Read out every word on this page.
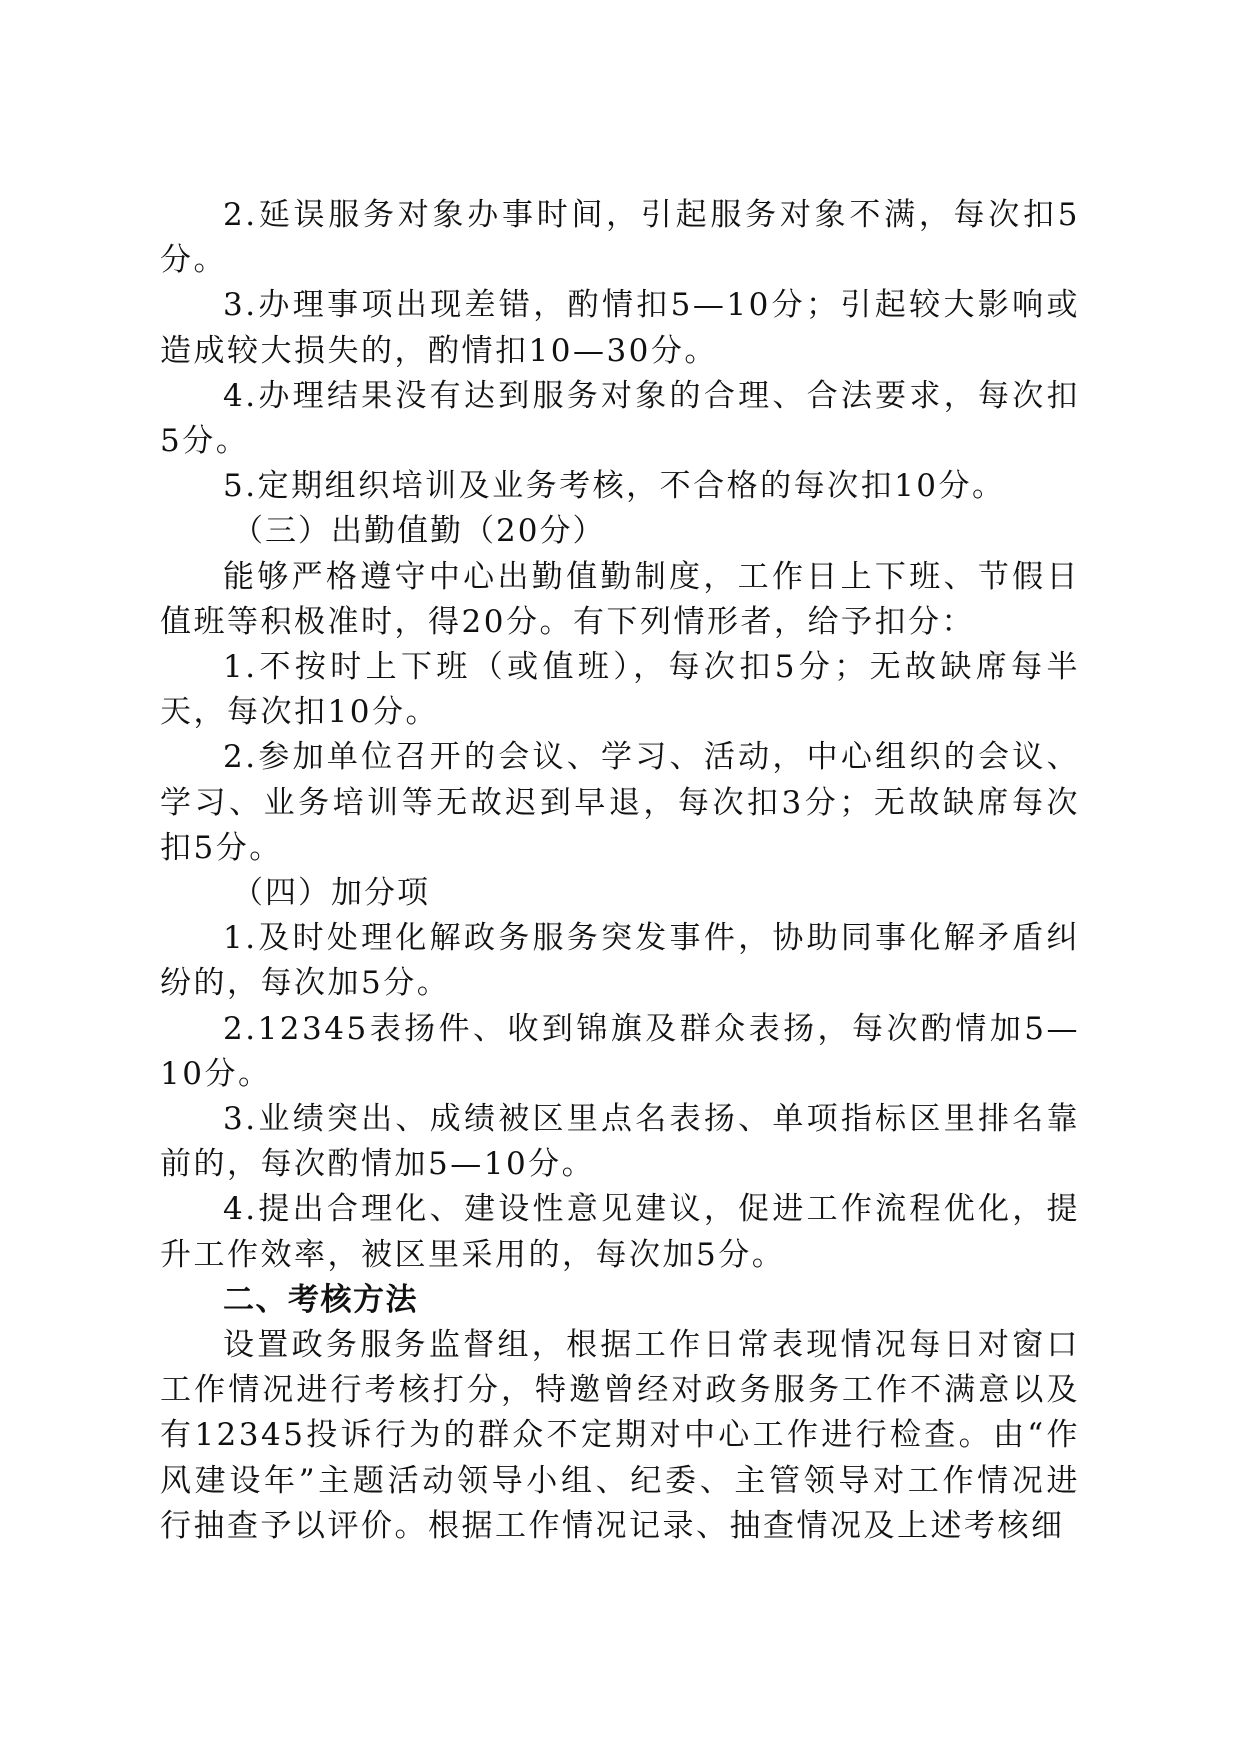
2.延误服务对象办事时间，引起服务对象不满，每次扣5分。

3.办理事项出现差错，酌情扣5—10分；引起较大影响或造成较大损失的，酌情扣10—30分。

4.办理结果没有达到服务对象的合理、合法要求，每次扣5分。

5.定期组织培训及业务考核，不合格的每次扣10分。

（三）出勤值勤（20分）

能够严格遵守中心出勤值勤制度，工作日上下班、节假日值班等积极准时，得20分。有下列情形者，给予扣分：

1.不按时上下班（或值班），每次扣5分；无故缺席每半天，每次扣10分。

2.参加单位召开的会议、学习、活动，中心组织的会议、学习、业务培训等无故迟到早退，每次扣3分；无故缺席每次扣5分。

（四）加分项

1.及时处理化解政务服务突发事件，协助同事化解矛盾纠纷的，每次加5分。

2.12345表扬件、收到锦旗及群众表扬，每次酌情加5—10分。

3.业绩突出、成绩被区里点名表扬、单项指标区里排名靠前的，每次酌情加5—10分。

4.提出合理化、建设性意见建议，促进工作流程优化，提升工作效率，被区里采用的，每次加5分。

二、考核方法

设置政务服务监督组，根据工作日常表现情况每日对窗口工作情况进行考核打分，特邀曾经对政务服务工作不满意以及有12345投诉行为的群众不定期对中心工作进行检查。由“作风建设年”主题活动领导小组、纪委、主管领导对工作情况进行抽查予以评价。根据工作情况记录、抽查情况及上述考核细
